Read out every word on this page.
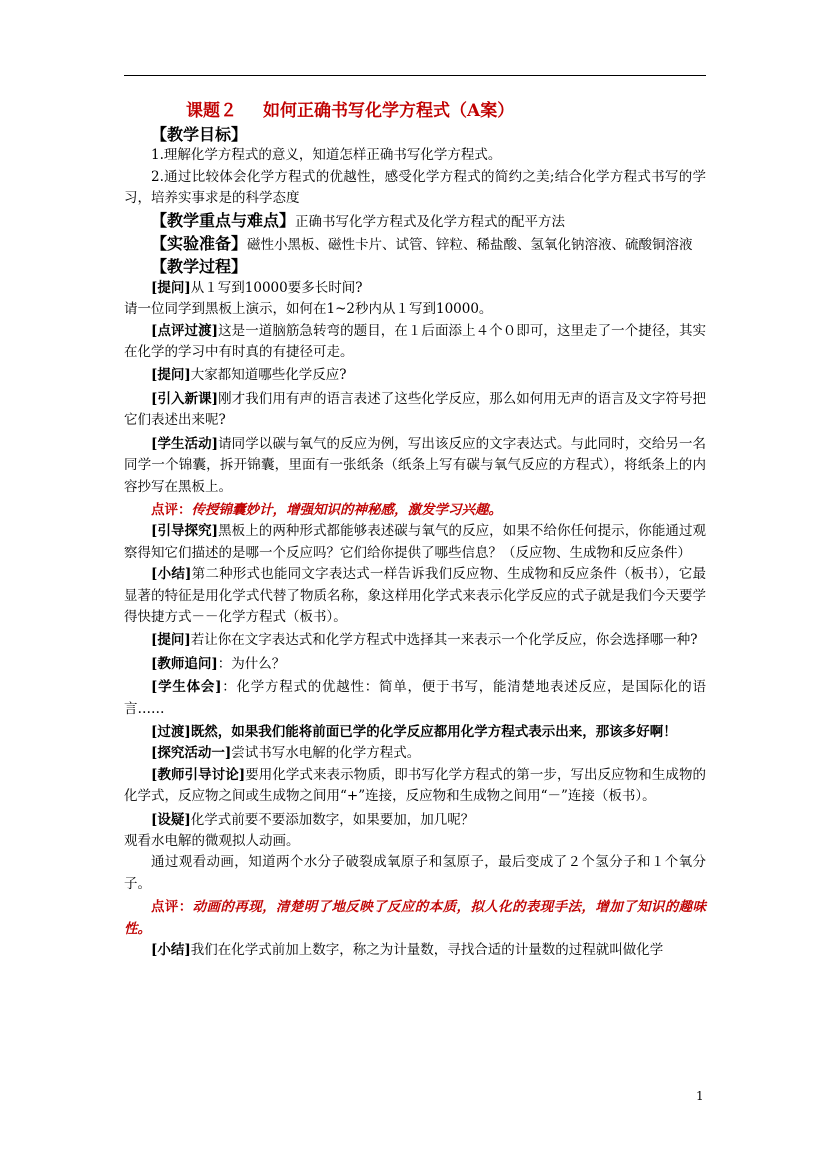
课题２ 如何正确书写化学方程式（A案）

【教学目标】

1.理解化学方程式的意义，知道怎样正确书写化学方程式。

2.通过比较体会化学方程式的优越性，感受化学方程式的简约之美;结合化学方程式书写的学习，培养实事求是的科学态度

【教学重点与难点】正确书写化学方程式及化学方程式的配平方法

【实验准备】磁性小黑板、磁性卡片、试管、锌粒、稀盐酸、氢氧化钠溶液、硫酸铜溶液

【教学过程】

[提问]从１写到10000要多长时间?

请一位同学到黑板上演示，如何在1~2秒内从１写到10000。

[点评过渡]这是一道脑筋急转弯的题目，在１后面添上４个０即可，这里走了一个捷径，其实在化学的学习中有时真的有捷径可走。

[提问]大家都知道哪些化学反应?

[引入新课]刚才我们用有声的语言表述了这些化学反应，那么如何用无声的语言及文字符号把它们表述出来呢?

[学生活动]请同学以碳与氧气的反应为例，写出该反应的文字表达式。与此同时，交给另一名同学一个锦囊，拆开锦囊，里面有一张纸条（纸条上写有碳与氧气反应的方程式），将纸条上的内容抄写在黑板上。

点评：传授锦囊妙计，增强知识的神秘感，激发学习兴趣。

[引导探究]黑板上的两种形式都能够表述碳与氧气的反应，如果不给你任何提示，你能通过观察得知它们描述的是哪一个反应吗？它们给你提供了哪些信息？（反应物、生成物和反应条件）

[小结]第二种形式也能同文字表达式一样告诉我们反应物、生成物和反应条件（板书），它最显著的特征是用化学式代替了物质名称，象这样用化学式来表示化学反应的式子就是我们今天要学得快捷方式－－化学方程式（板书）。

[提问]若让你在文字表达式和化学方程式中选择其一来表示一个化学反应，你会选择哪一种?

[教师追问]：为什么？

[学生体会]：化学方程式的优越性：简单，便于书写，能清楚地表述反应，是国际化的语言……

[过渡]既然，如果我们能将前面已学的化学反应都用化学方程式表示出来，那该多好啊！

[探究活动一]尝试书写水电解的化学方程式。

[教师引导讨论]要用化学式来表示物质，即书写化学方程式的第一步，写出反应物和生成物的化学式，反应物之间或生成物之间用“+”连接，反应物和生成物之间用“－”连接（板书）。

[设疑]化学式前要不要添加数字，如果要加，加几呢？

观看水电解的微观拟人动画。

通过观看动画，知道两个水分子破裂成氧原子和氢原子，最后变成了２个氢分子和１个氧分子。

点评：动画的再现，清楚明了地反映了反应的本质，拟人化的表现手法，增加了知识的趣味性。

[小结]我们在化学式前加上数字，称之为计量数，寻找合适的计量数的过程就叫做化学

1
